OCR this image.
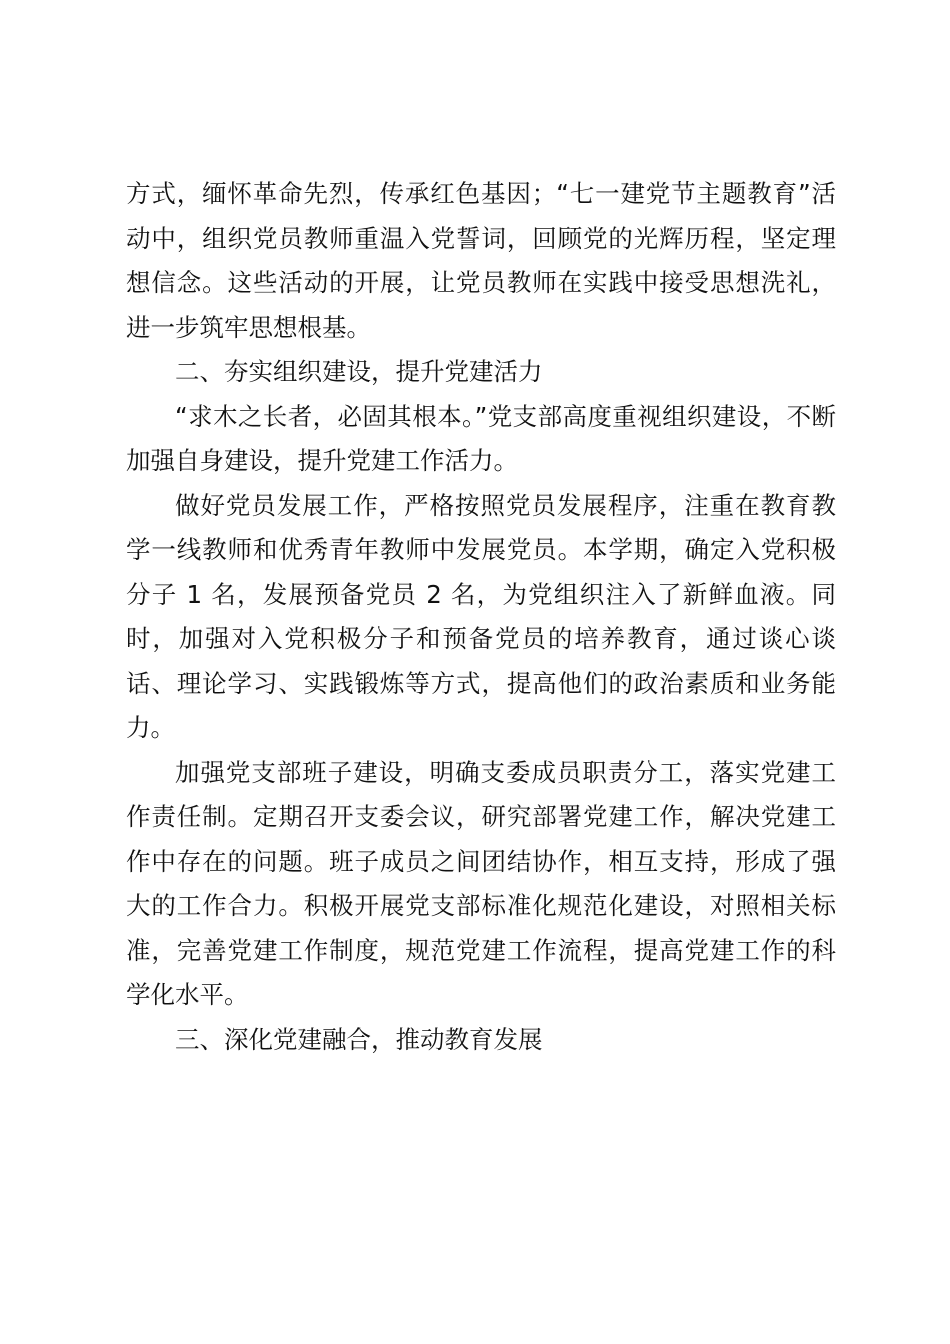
方式，缅怀革命先烈，传承红色基因；“七一建党节主题教育”活动中，组织党员教师重温入党誓词，回顾党的光辉历程，坚定理想信念。这些活动的开展，让党员教师在实践中接受思想洗礼，进一步筑牢思想根基。

二、夯实组织建设，提升党建活力

“求木之长者，必固其根本。”党支部高度重视组织建设，不断加强自身建设，提升党建工作活力。

做好党员发展工作，严格按照党员发展程序，注重在教育教学一线教师和优秀青年教师中发展党员。本学期，确定入党积极分子 1 名，发展预备党员 2 名，为党组织注入了新鲜血液。同时，加强对入党积极分子和预备党员的培养教育，通过谈心谈话、理论学习、实践锻炼等方式，提高他们的政治素质和业务能力。

加强党支部班子建设，明确支委成员职责分工，落实党建工作责任制。定期召开支委会议，研究部署党建工作，解决党建工作中存在的问题。班子成员之间团结协作，相互支持，形成了强大的工作合力。积极开展党支部标准化规范化建设，对照相关标准，完善党建工作制度，规范党建工作流程，提高党建工作的科学化水平。

三、深化党建融合，推动教育发展
